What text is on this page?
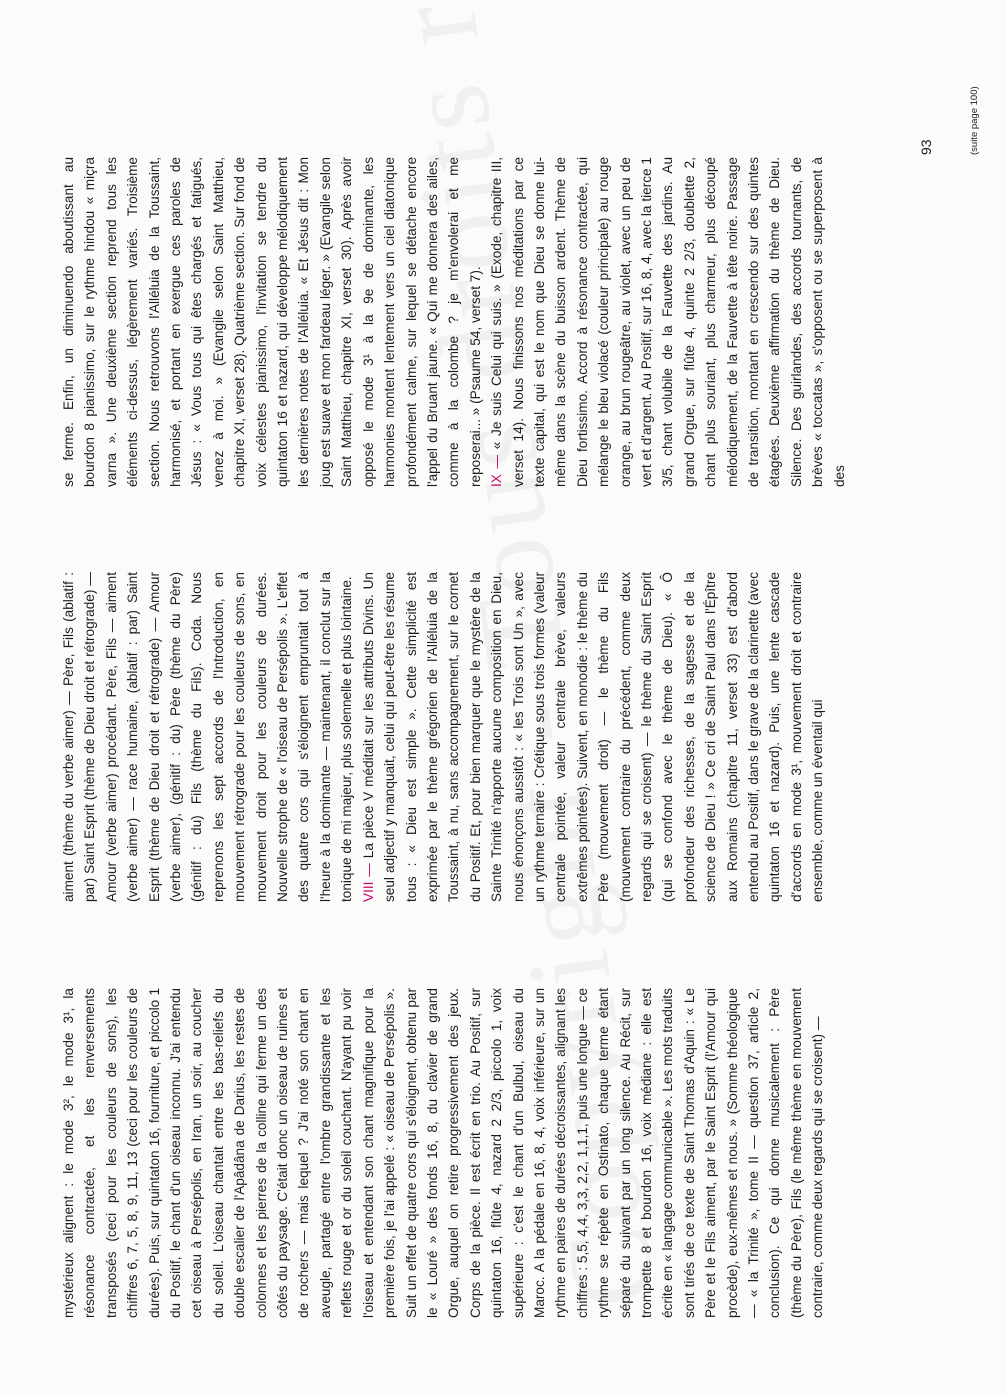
mystérieux alignent : le mode 3², le mode 3¹, la résonance contractée, et les renversements transposés (ceci pour les couleurs de sons), les chiffres 6, 7, 5, 8, 9, 11, 13 (ceci pour les couleurs de durées). Puis, sur quintaton 16, fourniture, et piccolo 1 du Positif, le chant d'un oiseau inconnu. J'ai entendu cet oiseau à Persépolis, en Iran, un soir, au coucher du soleil. L'oiseau chantait entre les bas-reliefs du double escalier de l'Apâdâna de Darius, les restes de colonnes et les pierres de la colline qui ferme un des côtés du paysage. C'était donc un oiseau de ruines et de rochers — mais lequel ? J'ai noté son chant en aveugle, partagé entre l'ombre grandissante et les reflets rouge et or du soleil couchant. N'ayant pu voir l'oiseau et entendant son chant magnifique pour la première fois, je l'ai appelé : « oiseau de Persépolis ». Suit un effet de quatre cors qui s'éloignent, obtenu par le « Louré » des fonds 16, 8, du clavier de grand Orgue, auquel on retire progressivement des jeux. Corps de la pièce. Il est écrit en trio. Au Positif, sur quintaton 16, flûte 4, nazard 2 2/3, piccolo 1, voix supérieure : c'est le chant d'un Bulbul, oiseau du Maroc. A la pédale en 16, 8, 4, voix inférieure, sur un rythme en paires de durées décroissantes, alignant les chiffres : 5,5, 4,4, 3,3, 2,2, 1,1,1, puis une longue — ce rythme se répète en Ostinato, chaque terme étant séparé du suivant par un long silence. Au Récit, sur trompette 8 et bourdon 16, voix médiane : elle est écrite en « langage communicable ». Les mots traduits sont tirés de ce texte de Saint Thomas d'Aquin : « Le Père et le Fils aiment, par le Saint Esprit (l'Amour qui procède), eux-mêmes et nous. » (Somme théologique — « la Trinité », tome II — question 37, article 2, conclusion). Ce qui donne musicalement : Père (thème du Père), Fils (le même thème en mouvement contraire, comme deux regards qui se croisent) —

aiment (thème du verbe aimer) — Père, Fils (ablatif : par) Saint Esprit (thème de Dieu droit et rétrograde) — Amour (verbe aimer) procédant. Père, Fils — aiment (verbe aimer) — race humaine, (ablatif : par) Saint Esprit (thème de Dieu droit et rétrograde) — Amour (verbe aimer), (génitif : du) Père (thème du Père) (génitif : du) Fils (thème du Fils). Coda. Nous reprenons les sept accords de l'Introduction, en mouvement rétrograde pour les couleurs de sons, en mouvement droit pour les couleurs de durées. Nouvelle strophe de « l'oiseau de Persépolis ». L'effet des quatre cors qui s'éloignent empruntait tout à l'heure à la dominante — maintenant, il conclut sur la tonique de mi majeur, plus solennelle et plus lointaine. VIII — La pièce V méditait sur les attributs Divins. Un seul adjectif y manquait, celui qui peut-être les résume tous : « Dieu est simple ». Cette simplicité est exprimée par le thème grégorien de l'Alléluia de la Toussaint, à nu, sans accompagnement, sur le cornet du Positif. Et, pour bien marquer que le mystère de la Sainte Trinité n'apporte aucune composition en Dieu, nous énonçons aussitôt : « les Trois sont Un », avec un rythme ternaire : Crétique sous trois formes (valeur centrale pointée, valeur centrale brève, valeurs extrêmes pointées). Suivent, en monodie : le thème du Père (mouvement droit) — le thème du Fils (mouvement contraire du précédent, comme deux regards qui se croisent) — le thème du Saint Esprit (qui se confond avec le thème de Dieu). « Ô profondeur des richesses, de la sagesse et de la science de Dieu ! » Ce cri de Saint Paul dans l'Épître aux Romains (chapitre 11, verset 33) est d'abord entendu au Positif, dans le grave de la clarinette (avec quintaton 16 et nazard). Puis, une lente cascade d'accords en mode 3¹, mouvement droit et contraire ensemble, comme un éventail qui

se ferme. Enfin, un diminuendo aboutissant au bourdon 8 pianissimo, sur le rythme hindou « miçra varna ». Une deuxième section reprend tous les éléments ci-dessus, légèrement variés. Troisième section. Nous retrouvons l'Alléluia de la Toussaint, harmonisé, et portant en exergue ces paroles de Jésus : « Vous tous qui êtes chargés et fatigués, venez à moi. » (Evangile selon Saint Matthieu, chapitre XI, verset 28). Quatrième section. Sur fond de voix célestes pianissimo, l'invitation se tendre du quintaton 16 et nazard, qui développe mélodiquement les dernières notes de l'Alléluia. « Et Jésus dit : Mon joug est suave et mon fardeau léger. » (Evangile selon Saint Matthieu, chapitre XI, verset 30). Après avoir opposé le mode 3¹ à la 9e de dominante, les harmonies montent lentement vers un ciel diatonique profondément calme, sur lequel se détache encore l'appel du Bruant jaune. « Qui me donnera des ailes, comme à la colombe ? je m'envolerai et me reposerai... » (Psaume 54, verset 7). IX — « Je suis Celui qui suis. » (Exode, chapitre III, verset 14). Nous finissons nos méditations par ce texte capital, qui est le nom que Dieu se donne lui-même dans la scène du buisson ardent. Thème de Dieu fortissimo. Accord à résonance contractée, qui mélange le bleu violacé (couleur principale) au rouge orange, au brun rougeâtre, au violet, avec un peu de vert et d'argent. Au Positif, sur 16, 8, 4, avec la tierce 1 3/5, chant volubile de la Fauvette des jardins. Au grand Orgue, sur flûte 4, quinte 2 2/3, doublette 2, chant plus souriant, plus charmeur, plus découpé mélodiquement, de la Fauvette à tête noire. Passage de transition, montant en crescendo sur des quintes étagées. Deuxième affirmation du thème de Dieu. Silence. Des guirlandes, des accords tournants, de brèves « toccatas », s'opposent ou se superposent à des

93	(suite page 100)
